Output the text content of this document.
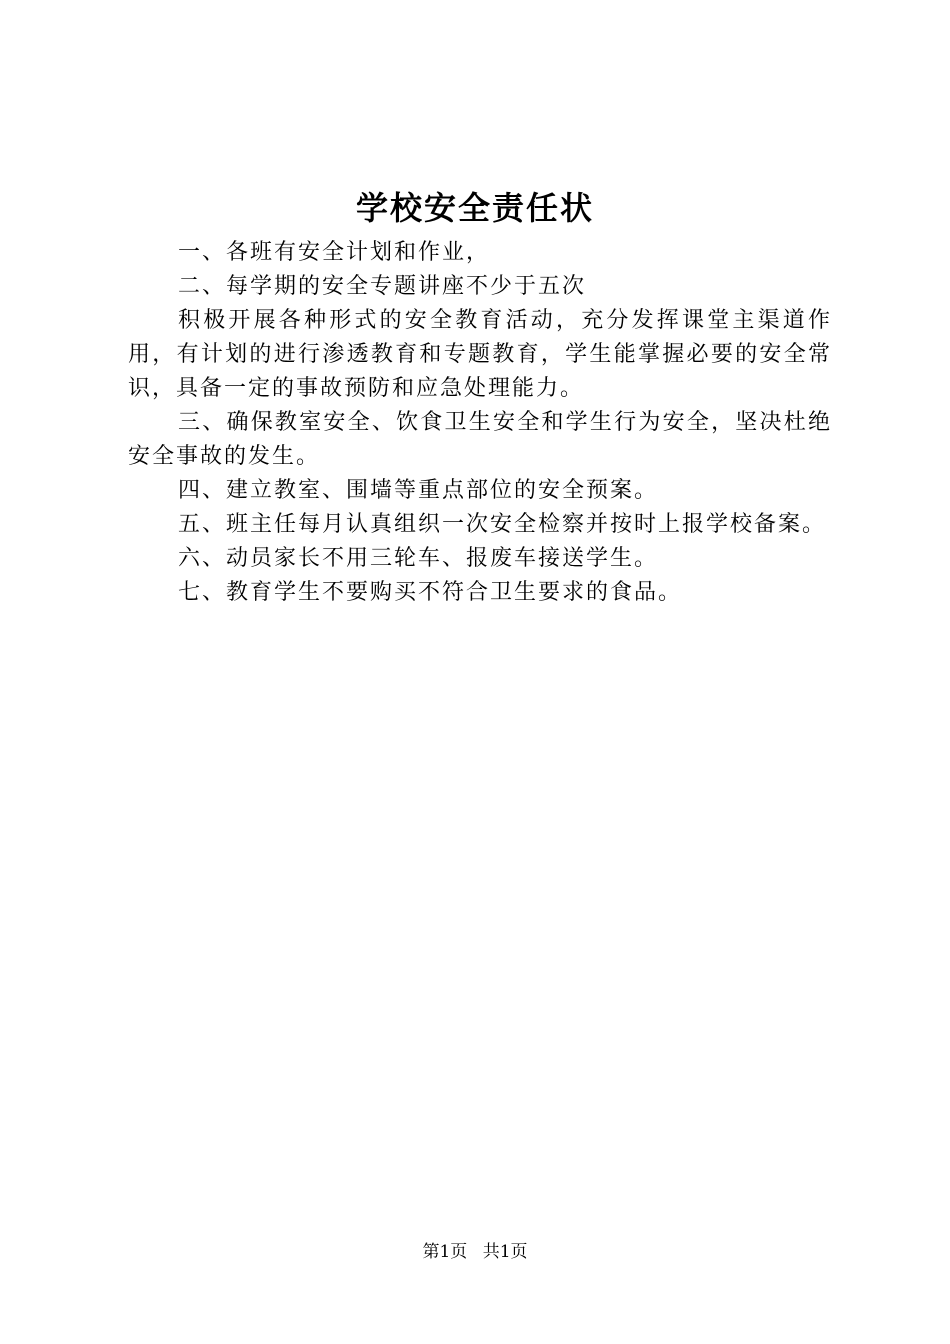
学校安全责任状

一、各班有安全计划和作业，

二、每学期的安全专题讲座不少于五次

积极开展各种形式的安全教育活动，充分发挥课堂主渠道作用，有计划的进行渗透教育和专题教育，学生能掌握必要的安全常识，具备一定的事故预防和应急处理能力。

三、确保教室安全、饮食卫生安全和学生行为安全，坚决杜绝安全事故的发生。

四、建立教室、围墙等重点部位的安全预案。

五、班主任每月认真组织一次安全检察并按时上报学校备案。

六、动员家长不用三轮车、报废车接送学生。

七、教育学生不要购买不符合卫生要求的食品。

第1页 共1页
